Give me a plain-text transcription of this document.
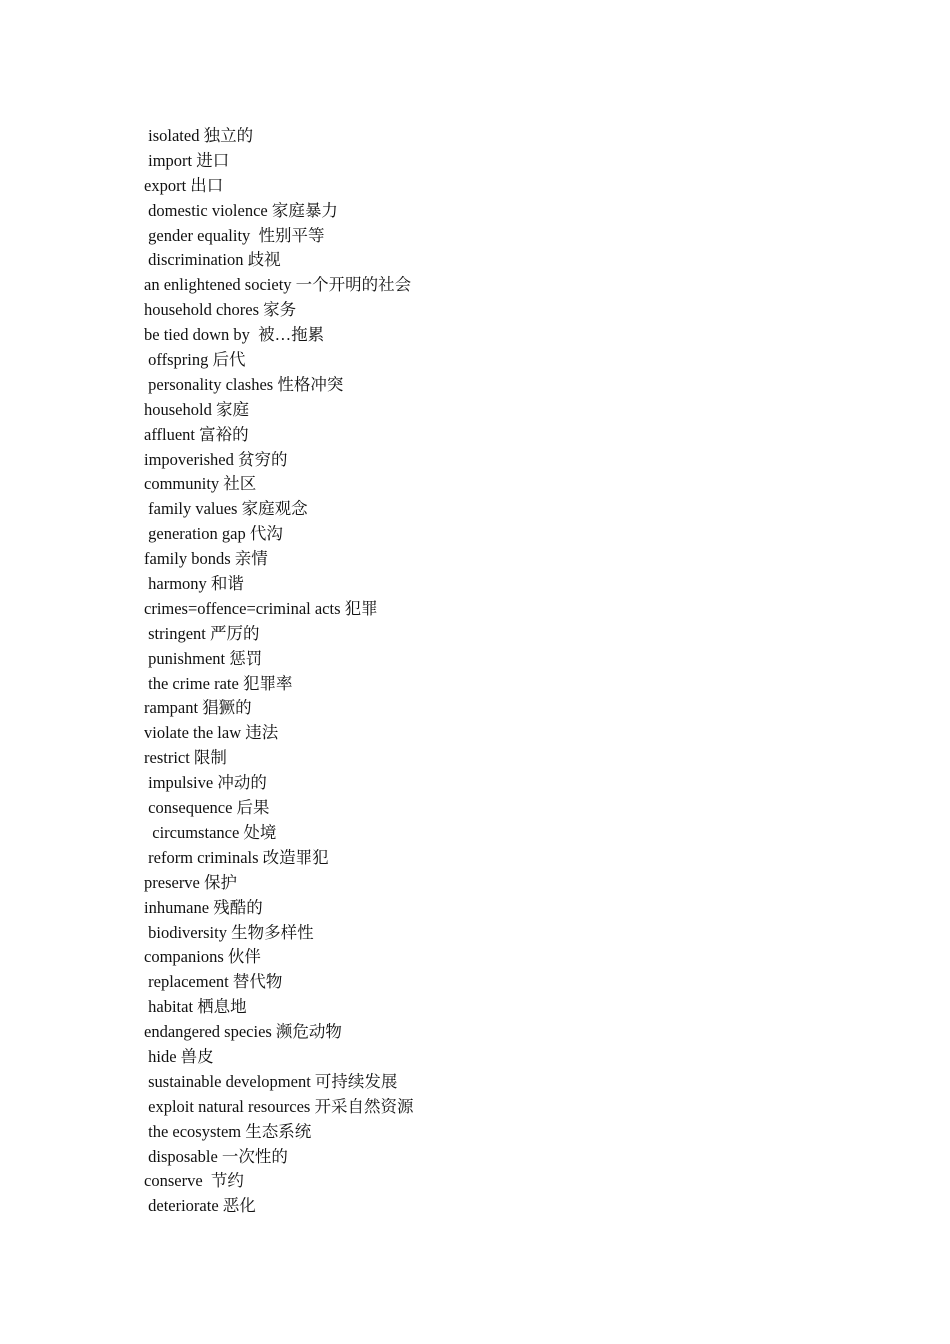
isolated 独立的
import 进口
export 出口
domestic violence 家庭暴力
gender equality  性别平等
discrimination 歧视
an enlightened society 一个开明的社会
household chores 家务
be tied down by  被…拖累
offspring 后代
personality clashes 性格冲突
household 家庭
affluent 富裕的
impoverished 贫穷的
community 社区
family values 家庭观念
generation gap 代沟
family bonds 亲情
harmony 和谐
crimes=offence=criminal acts 犯罪
stringent 严厉的
punishment 惩罚
the crime rate 犯罪率
rampant 猖獗的
violate the law 违法
restrict 限制
impulsive 冲动的
consequence 后果
circumstance 处境
reform criminals 改造罪犯
preserve 保护
inhumane 残酷的
biodiversity 生物多样性
companions 伙伴
replacement 替代物
habitat 栖息地
endangered species 濒危动物
hide 兽皮
sustainable development 可持续发展
exploit natural resources 开采自然资源
the ecosystem 生态系统
disposable 一次性的
conserve  节约
deteriorate 恶化
